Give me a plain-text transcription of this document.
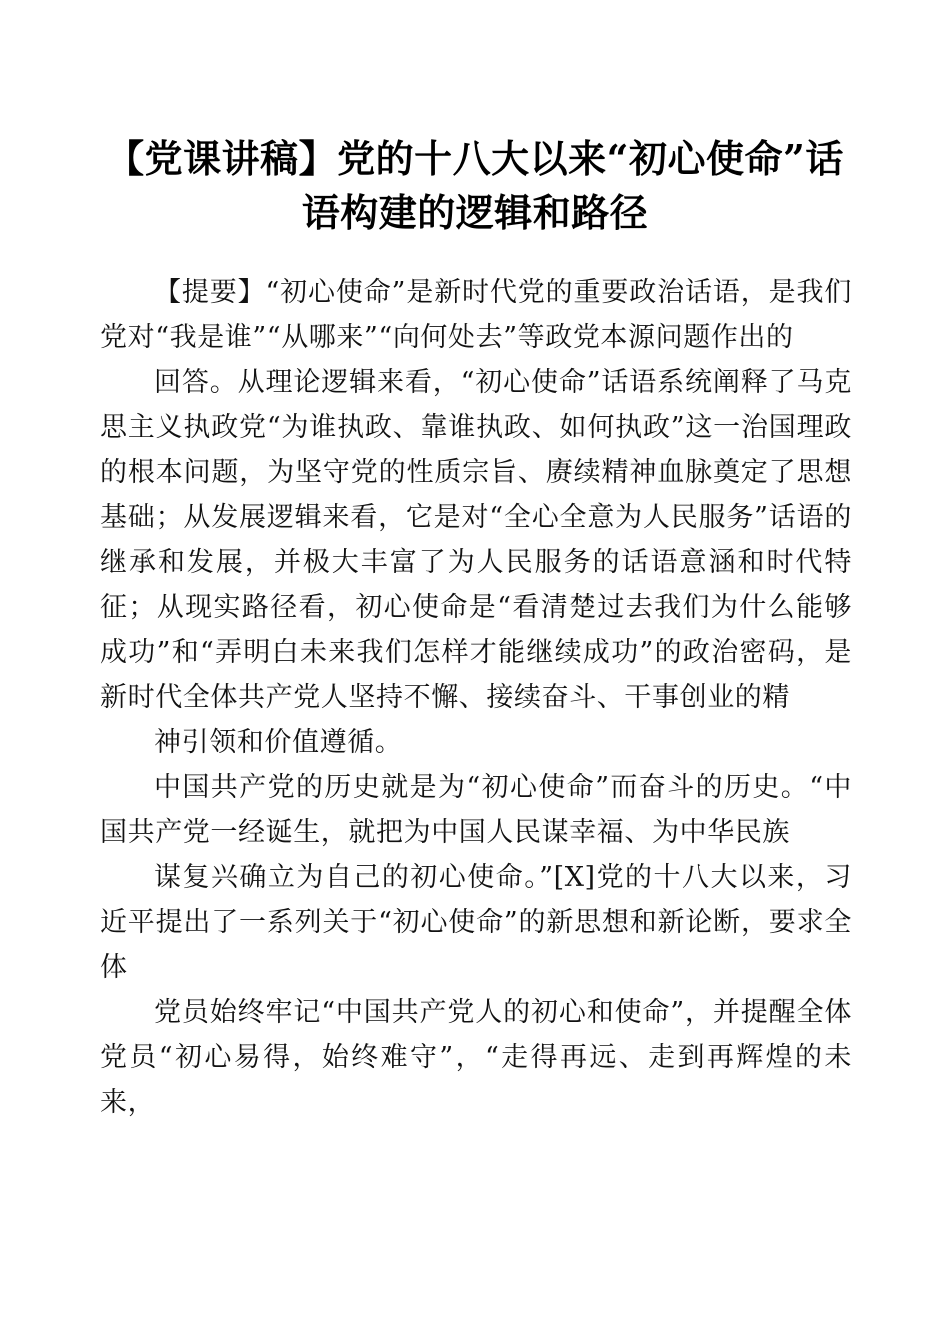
【党课讲稿】党的十八大以来“初心使命”话
语构建的逻辑和路径

【提要】“初心使命”是新时代党的重要政治话语，是我们党对“我是谁”“从哪来”“向何处去”等政党本源问题作出的

回答。从理论逻辑来看，“初心使命”话语系统阐释了马克思主义执政党“为谁执政、靠谁执政、如何执政”这一治国理政的根本问题，为坚守党的性质宗旨、赓续精神血脉奠定了思想基础；从发展逻辑来看，它是对“全心全意为人民服务”话语的继承和发展，并极大丰富了为人民服务的话语意涵和时代特征；从现实路径看，初心使命是“看清楚过去我们为什么能够成功”和“弄明白未来我们怎样才能继续成功”的政治密码，是新时代全体共产党人坚持不懈、接续奋斗、干事创业的精

神引领和价值遵循。

中国共产党的历史就是为“初心使命”而奋斗的历史。“中国共产党一经诞生，就把为中国人民谋幸福、为中华民族

谋复兴确立为自己的初心使命。”[X]党的十八大以来，习近平提出了一系列关于“初心使命”的新思想和新论断，要求全体

党员始终牢记“中国共产党人的初心和使命”，并提醒全体党员“初心易得，始终难守”，“走得再远、走到再辉煌的未来，
